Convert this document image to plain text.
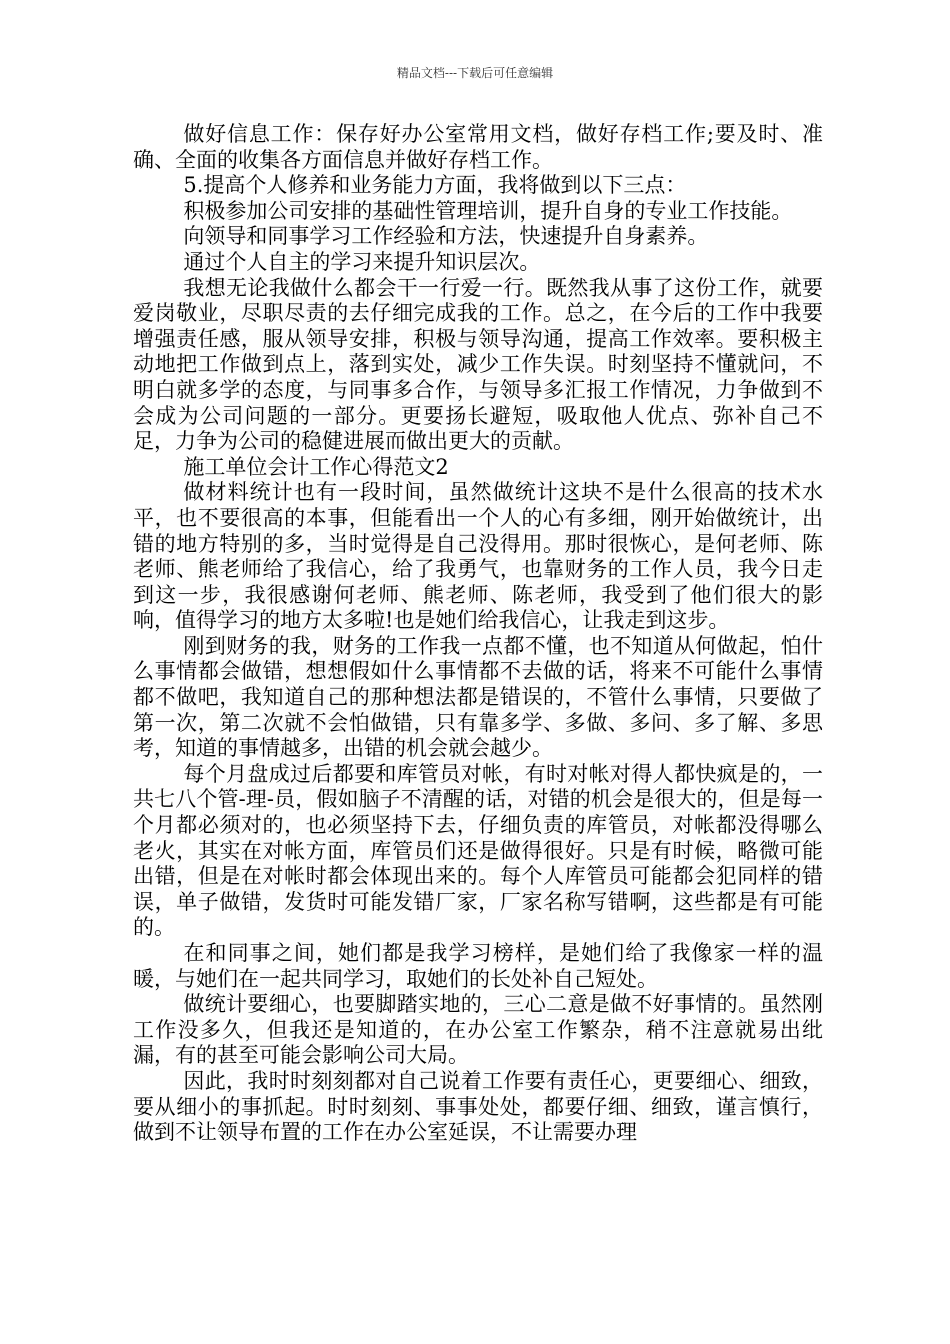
精品文档---下载后可任意编辑

做好信息工作：保存好办公室常用文档，做好存档工作;要及时、准确、全面的收集各方面信息并做好存档工作。

5.提高个人修养和业务能力方面，我将做到以下三点：

积极参加公司安排的基础性管理培训，提升自身的专业工作技能。

向领导和同事学习工作经验和方法，快速提升自身素养。

通过个人自主的学习来提升知识层次。

我想无论我做什么都会干一行爱一行。既然我从事了这份工作，就要爱岗敬业，尽职尽责的去仔细完成我的工作。总之，在今后的工作中我要增强责任感，服从领导安排，积极与领导沟通，提高工作效率。要积极主动地把工作做到点上，落到实处，减少工作失误。时刻坚持不懂就问，不明白就多学的态度，与同事多合作，与领导多汇报工作情况，力争做到不会成为公司问题的一部分。更要扬长避短，吸取他人优点、弥补自己不足，力争为公司的稳健进展而做出更大的贡献。

施工单位会计工作心得范文2

做材料统计也有一段时间，虽然做统计这块不是什么很高的技术水平，也不要很高的本事，但能看出一个人的心有多细，刚开始做统计，出错的地方特别的多，当时觉得是自己没得用。那时很恢心，是何老师、陈老师、熊老师给了我信心，给了我勇气，也靠财务的工作人员，我今日走到这一步，我很感谢何老师、熊老师、陈老师，我受到了他们很大的影响，值得学习的地方太多啦!也是她们给我信心，让我走到这步。

刚到财务的我，财务的工作我一点都不懂，也不知道从何做起，怕什么事情都会做错，想想假如什么事情都不去做的话，将来不可能什么事情都不做吧，我知道自己的那种想法都是错误的，不管什么事情，只要做了第一次，第二次就不会怕做错，只有靠多学、多做、多问、多了解、多思考，知道的事情越多，出错的机会就会越少。

每个月盘成过后都要和库管员对帐，有时对帐对得人都快疯是的，一共七八个管-理-员，假如脑子不清醒的话，对错的机会是很大的，但是每一个月都必须对的，也必须坚持下去，仔细负责的库管员，对帐都没得哪么老火，其实在对帐方面，库管员们还是做得很好。只是有时候，略微可能出错，但是在对帐时都会体现出来的。每个人库管员可能都会犯同样的错误，单子做错，发货时可能发错厂家，厂家名称写错啊，这些都是有可能的。

在和同事之间，她们都是我学习榜样，是她们给了我像家一样的温暖，与她们在一起共同学习，取她们的长处补自己短处。

做统计要细心，也要脚踏实地的，三心二意是做不好事情的。虽然刚工作没多久，但我还是知道的，在办公室工作繁杂，稍不注意就易出纰漏，有的甚至可能会影响公司大局。

因此，我时时刻刻都对自己说着工作要有责任心，更要细心、细致，要从细小的事抓起。时时刻刻、事事处处，都要仔细、细致，谨言慎行，做到不让领导布置的工作在办公室延误，不让需要办理
